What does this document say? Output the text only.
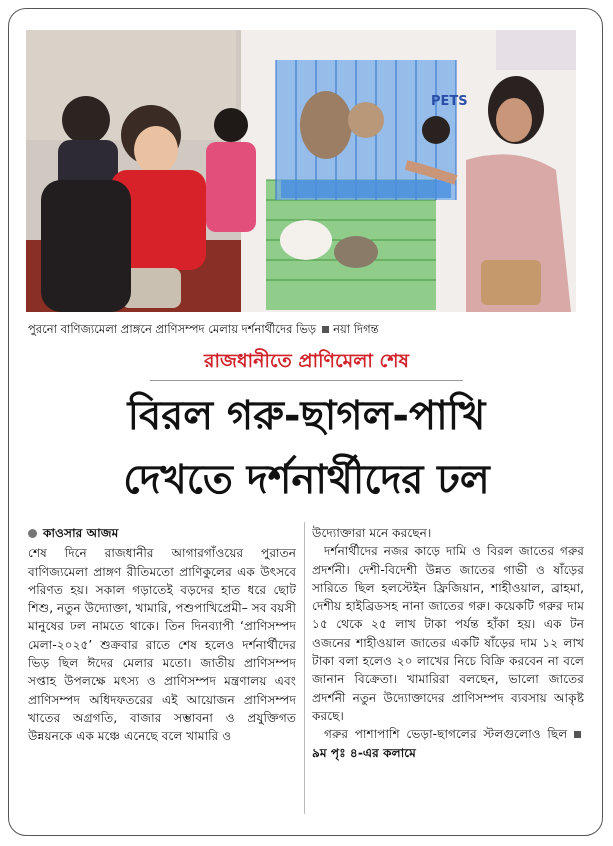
PETS
পুরনো বাণিজ্যমেলা প্রাঙ্গনে প্রাণিসম্পদ মেলায় দর্শনার্থীদের ভিড় নয়া দিগন্ত
রাজধানীতে প্রাণিমেলা শেষ
বিরল গরু-ছাগল-পাখি
দেখতে দর্শনার্থীদের ঢল
কাওসার আজম

শেষ দিনে রাজধানীর আগারগাঁওয়ের পুরাতন বাণিজ্যমেলা প্রাঙ্গণ রীতিমতো প্রাণিকুলের এক উৎসবে পরিণত হয়। সকাল গড়াতেই বড়দের হাত ধরে ছোট শিশু, নতুন উদ্যোক্তা, খামারি, পশুপাখিপ্রেমী– সব বয়সী মানুষের ঢল নামতে থাকে। তিন দিনব্যাপী ‘প্রাণিসম্পদ মেলা-২০২৫’ শুক্রবার রাতে শেষ হলেও দর্শনার্থীদের ভিড় ছিল ঈদের মেলার মতো। জাতীয় প্রাণিসম্পদ সপ্তাহ উপলক্ষে মৎস্য ও প্রাণিসম্পদ মন্ত্রণালয় এবং প্রাণিসম্পদ অধিদফতরের এই আয়োজন প্রাণিসম্পদ খাতের অগ্রগতি, বাজার সম্ভাবনা ও প্রযুক্তিগত উন্নয়নকে এক মঞ্চে এনেছে বলে খামারি ও

উদ্যোক্তারা মনে করছেন।

দর্শনার্থীদের নজর কাড়ে দামি ও বিরল জাতের গরুর প্রদর্শনী। দেশী-বিদেশী উন্নত জাতের গাভী ও ষাঁড়ের সারিতে ছিল হলস্টেইন ফ্রিজিয়ান, শাহীওয়াল, ব্রাহমা, দেশীয় হাইব্রিডসহ নানা জাতের গরু। কয়েকটি গরুর দাম ১৫ থেকে ২৫ লাখ টাকা পর্যন্ত হাঁকা হয়। এক টন ওজনের শাহীওয়াল জাতের একটি ষাঁড়ের দাম ১২ লাখ টাকা বলা হলেও ২০ লাখের নিচে বিক্রি করবেন না বলে জানান বিক্রেতা। খামারিরা বলছেন, ভালো জাতের প্রদর্শনী নতুন উদ্যোক্তাদের প্রাণিসম্পদ ব্যবসায় আকৃষ্ট করছে।

গরুর পাশাপাশি ভেড়া-ছাগলের স্টলগুলোও ছিল ৯ম পৃঃ ৪-এর কলামে
